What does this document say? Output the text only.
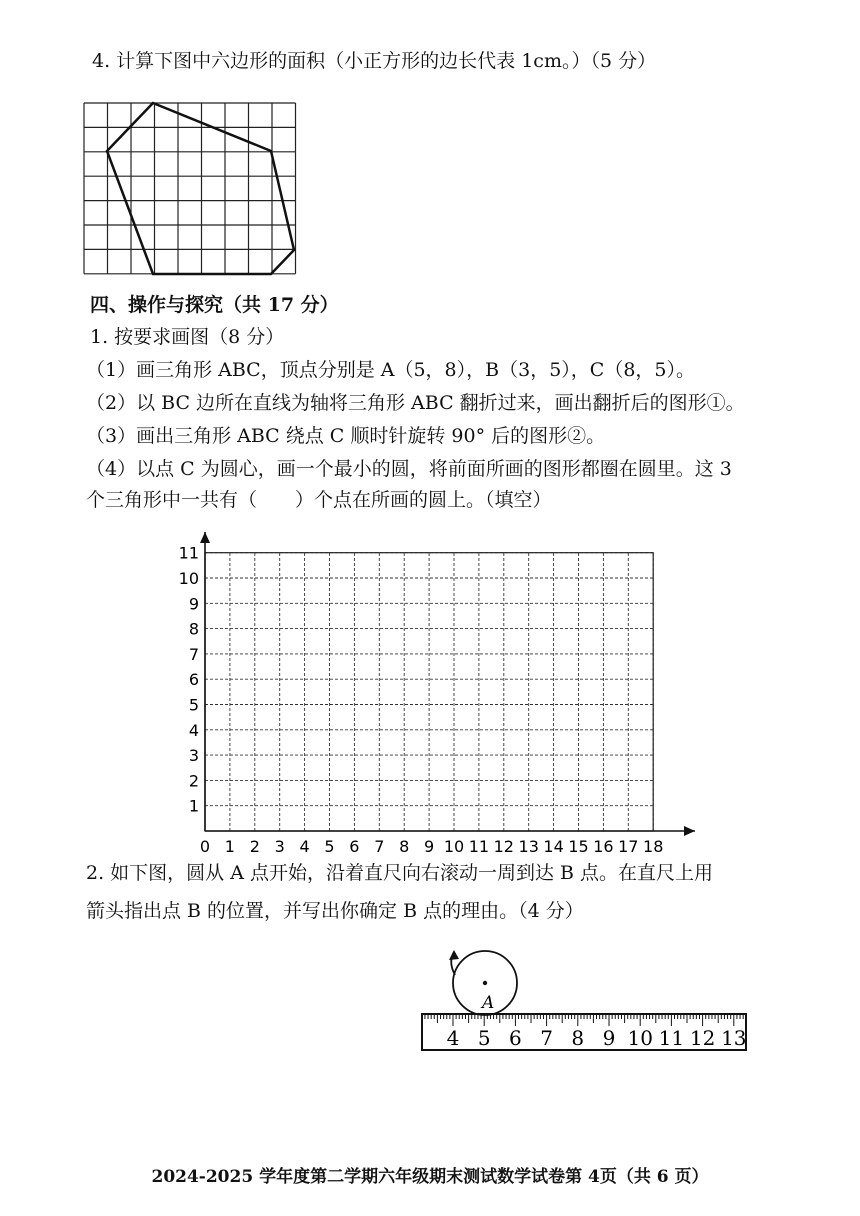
4. 计算下图中六边形的面积（小正方形的边长代表 1cm。）（5 分）
0 1 2 3 4 5 6 7 8 9 10 11 12 13 14 15 16 17 18
1
2
3
4
5
6
7
8
9
10
11
4 5 6 7 8 9 10 11 12 13
A
四、操作与探究（共 17 分）
1. 按要求画图（8 分）
（1）画三角形 ABC，顶点分别是 A（5，8），B（3，5），C（8，5）。
（2）以 BC 边所在直线为轴将三角形 ABC 翻折过来，画出翻折后的图形①。
（3）画出三角形 ABC 绕点 C 顺时针旋转 90° 后的图形②。
（4）以点 C 为圆心，画一个最小的圆，将前面所画的图形都圈在圆里。这 3
个三角形中一共有（　　）个点在所画的圆上。（填空）
2. 如下图，圆从 A 点开始，沿着直尺向右滚动一周到达 B 点。在直尺上用
箭头指出点 B 的位置，并写出你确定 B 点的理由。（4 分）
2024-2025 学年度第二学期六年级期末测试数学试卷第 4页（共 6 页）
